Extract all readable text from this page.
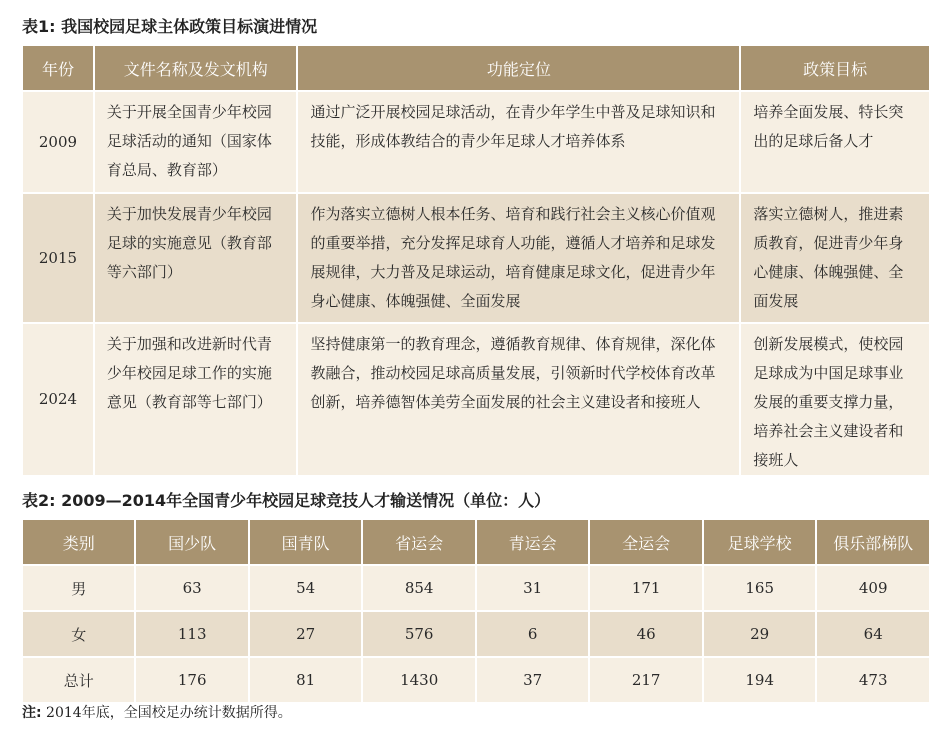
表1: 我国校园足球主体政策目标演进情况
年份	文件名称及发文机构	功能定位	政策目标
2009	关于开展全国青少年校园足球活动的通知（国家体育总局、教育部）	通过广泛开展校园足球活动，在青少年学生中普及足球知识和技能，形成体教结合的青少年足球人才培养体系	培养全面发展、特长突出的足球后备人才
2015	关于加快发展青少年校园足球的实施意见（教育部等六部门）	作为落实立德树人根本任务、培育和践行社会主义核心价值观的重要举措，充分发挥足球育人功能，遵循人才培养和足球发展规律，大力普及足球运动，培育健康足球文化，促进青少年身心健康、体魄强健、全面发展	落实立德树人，推进素质教育，促进青少年身心健康、体魄强健、全面发展
2024	关于加强和改进新时代青少年校园足球工作的实施意见（教育部等七部门）	坚持健康第一的教育理念，遵循教育规律、体育规律，深化体教融合，推动校园足球高质量发展，引领新时代学校体育改革创新，培养德智体美劳全面发展的社会主义建设者和接班人	创新发展模式，使校园足球成为中国足球事业发展的重要支撑力量，培养社会主义建设者和接班人
表2: 2009—2014年全国青少年校园足球竞技人才输送情况（单位：人）
类别	国少队	国青队	省运会	青运会	全运会	足球学校	俱乐部梯队
男	63	54	854	31	171	165	409
女	113	27	576	6	46	29	64
总计	176	81	1430	37	217	194	473
注: 2014年底，全国校足办统计数据所得。
